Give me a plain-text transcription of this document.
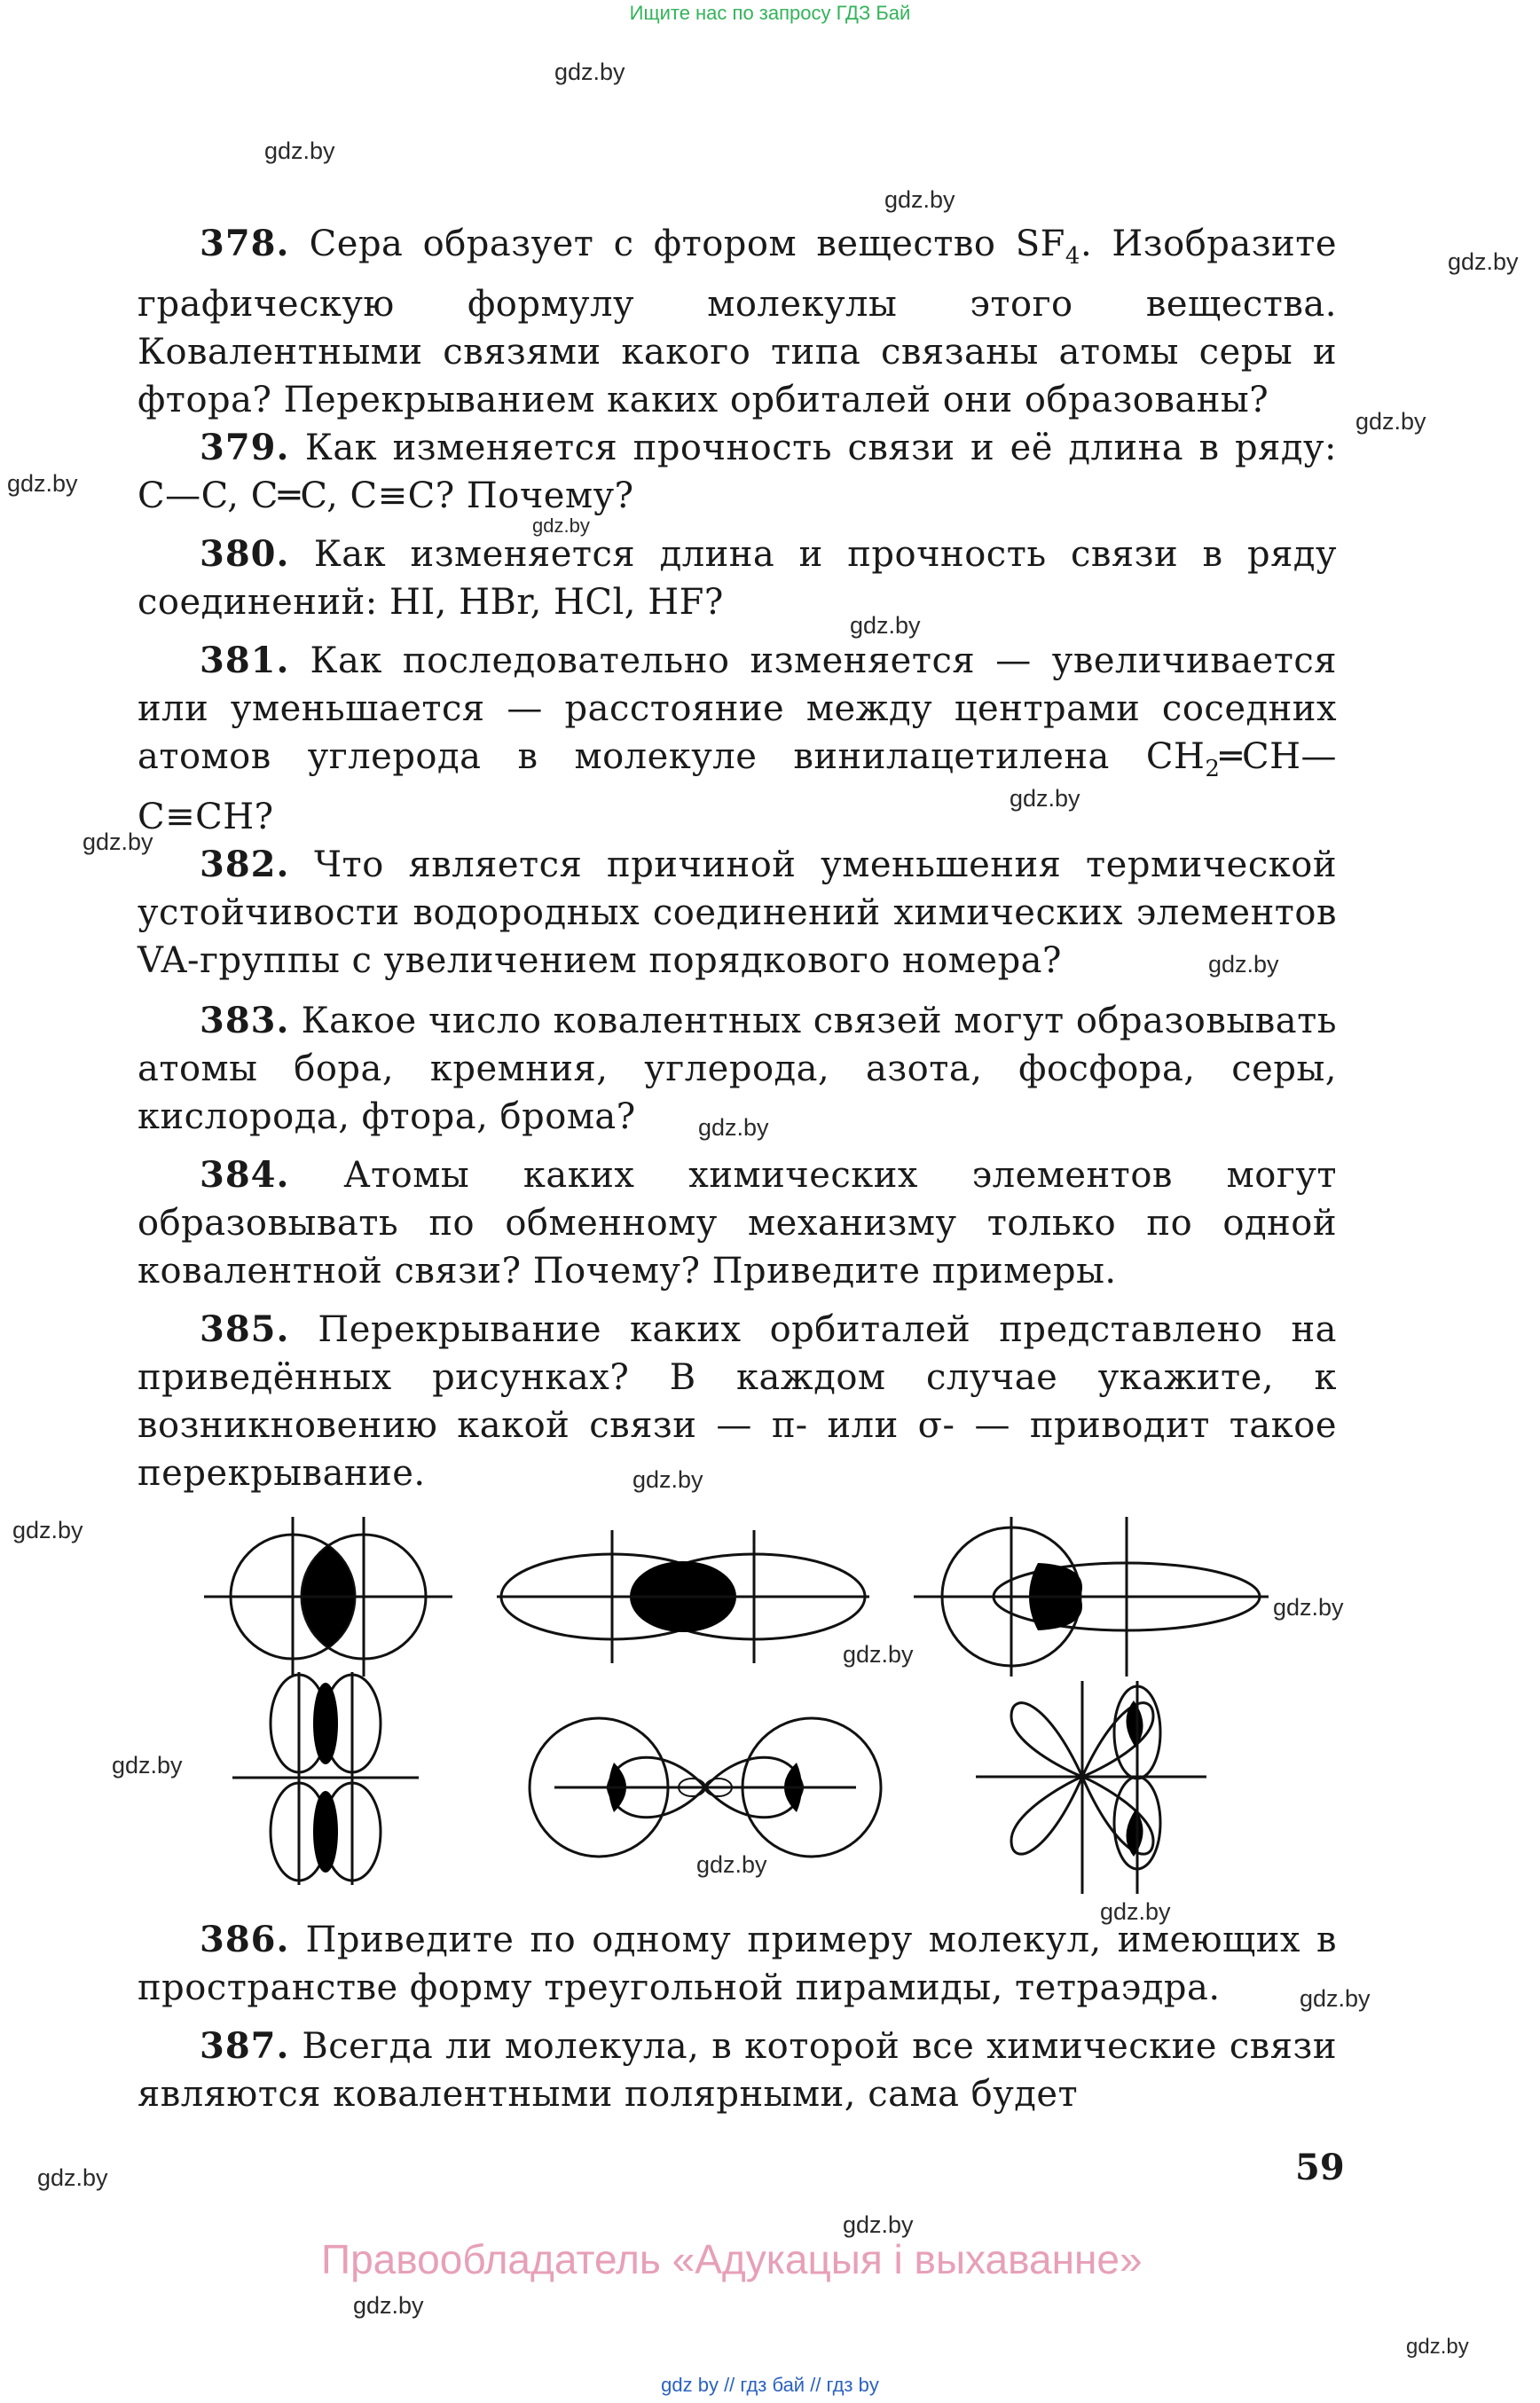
Ищите нас по запросу ГДЗ Бай

378. Сера образует с фтором вещество $SF_4$. Изобразите графическую формулу молекулы этого вещества. Ковалентными связями какого типа связаны атомы серы и фтора? Перекрыванием каких орбиталей они образованы?

379. Как изменяется прочность связи и её длина в ряду: C—C, C═C, C≡C? Почему?

380. Как изменяется длина и прочность связи в ряду соединений: HI, HBr, HCl, HF?

381. Как последовательно изменяется — увеличивается или уменьшается — расстояние между центрами соседних атомов углерода в молекуле винилацетилена $CH_2═CH—C\equiv CH$?

382. Что является причиной уменьшения термической устойчивости водородных соединений химических элементов VA-группы с увеличением порядкового номера?

383. Какое число ковалентных связей могут образовывать атомы бора, кремния, углерода, азота, фосфора, серы, кислорода, фтора, брома?

384. Атомы каких химических элементов могут образовывать по обменному механизму только по одной ковалентной связи? Почему? Приведите примеры.

385. Перекрывание каких орбиталей представлено на приведённых рисунках? В каждом случае укажите, к возникновению какой связи — π- или σ- — приводит такое перекрывание.

386. Приведите по одному примеру молекул, имеющих в пространстве форму треугольной пирамиды, тетраэдра.

387. Всегда ли молекула, в которой все химические связи являются ковалентными полярными, сама будет

59
Правообладатель «Адукацыя і выхаванне»
gdz by // гдз бай // гдз by
gdz.by
gdz.by
gdz.by
gdz.by
gdz.by
gdz.by
gdz.by
gdz.by
gdz.by
gdz.by
gdz.by
gdz.by
gdz.by
gdz.by
gdz.by
gdz.by
gdz.by
gdz.by
gdz.by
gdz.by
gdz.by
gdz.by
gdz.by
gdz.by
